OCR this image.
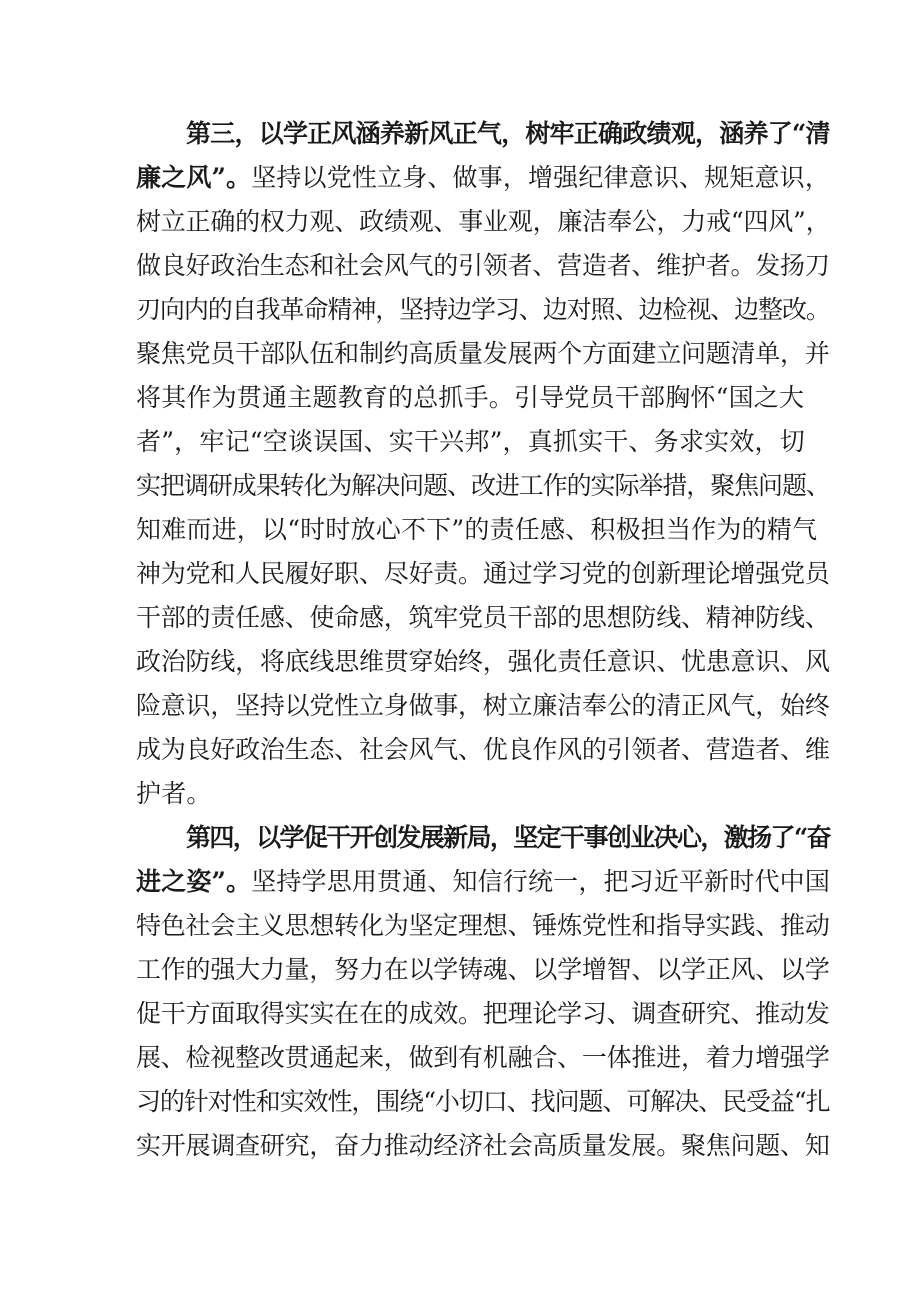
第三，以学正风涵养新风正气，树牢正确政绩观，涵养了“清

廉之风”。坚持以党性立身、做事，增强纪律意识、规矩意识，

树立正确的权力观、政绩观、事业观，廉洁奉公，力戒“四风”，

做良好政治生态和社会风气的引领者、营造者、维护者。发扬刀

刃向内的自我革命精神，坚持边学习、边对照、边检视、边整改。

聚焦党员干部队伍和制约高质量发展两个方面建立问题清单，并

将其作为贯通主题教育的总抓手。引导党员干部胸怀“国之大

者”，牢记“空谈误国、实干兴邦”，真抓实干、务求实效，切

实把调研成果转化为解决问题、改进工作的实际举措，聚焦问题、

知难而进，以“时时放心不下”的责任感、积极担当作为的精气

神为党和人民履好职、尽好责。通过学习党的创新理论增强党员

干部的责任感、使命感，筑牢党员干部的思想防线、精神防线、

政治防线，将底线思维贯穿始终，强化责任意识、忧患意识、风

险意识，坚持以党性立身做事，树立廉洁奉公的清正风气，始终

成为良好政治生态、社会风气、优良作风的引领者、营造者、维

护者。

第四，以学促干开创发展新局，坚定干事创业决心，激扬了“奋

进之姿”。坚持学思用贯通、知信行统一，把习近平新时代中国

特色社会主义思想转化为坚定理想、锤炼党性和指导实践、推动

工作的强大力量，努力在以学铸魂、以学增智、以学正风、以学

促干方面取得实实在在的成效。把理论学习、调查研究、推动发

展、检视整改贯通起来，做到有机融合、一体推进，着力增强学

习的针对性和实效性，围绕“小切口、找问题、可解决、民受益“扎

实开展调查研究，奋力推动经济社会高质量发展。聚焦问题、知
